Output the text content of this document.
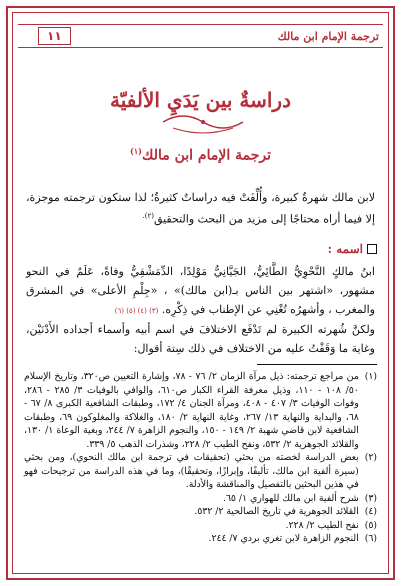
ترجمة الإمام ابن مالك
١١
دراسةٌ بين يَدَيِ الألفيّة
ترجمة الإمام ابن مالك$^{(١)}$
لابن مالك شهرةٌ كبيرة، وأُلِّفَتْ فيه دراساتٌ كثيرةٌ؛ لذا ستكون ترجمته موجزة، إلا فيما أراه محتاجًا إلى مزيد من البحث والتحقيق$^{(٢).}$
اسمه :
ابنُ مالكٍ النَّحْوِيُّ الطَّائِيُّ، الجَيَّانِيُّ مَوْلِدًا، الدِّمَشْقِيُّ وفاةً، عَلَمٌ في النحو مشهور، «اشتهر بين الناس بـ(ابن مالك)» ، «جِلْمِ الأعلى» في المشرق والمغرب ، وأشهرُه تُغْنِي عن الإطناب في ذِكْرِه. (٣) (٤) (٥) (٦)
ولكنَّ شُهرته الكبيرة لم تَدْفَع الاختلافَ في اسم أبيه وأسماء أجداده الأَدْنَيْن، وغاية ما وَقَفْتُ عليه من الاختلاف في ذلك سِتة أقوال:
(١)
من مراجع ترجمته: ذيل مرآة الزمان ٢/ ٧٦ - ٧٨، وإشارة التعيين ص٣٢٠، وتاريخ الإسلام ٥٠/ ١٠٨ - ١١٠، وذيل معرفة القراء الكبار ص٦١٠، والوافي بالوفيات ٣/ ٢٨٥ - ٢٨٦، وفوات الوفيات ٣/ ٤٠٧ - ٤٠٨، ومرآة الجنان ٤/ ١٧٢، وطبقات الشافعية الكبرى ٨/ ٦٧ - ٦٨، والبداية والنهاية ١٣/ ٢٦٧، وغاية النهاية ٢/ ١٨٠، والغلاكة والمغلوكون ٦٩، وطبقات الشافعية لابن قاضي شهبة ٢/ ١٤٩ - ١٥٠، والنجوم الزاهرة ٧/ ٢٤٤، وبغية الوعاة ١/ ١٣٠، والقلائد الجوهرية ٢/ ٥٣٢، ونفح الطيب ٢/ ٢٢٨، وشذرات الذهب ٥/ ٣٣٩.
(٢)
بعض الدراسة لخصته من بحثي (تحقيقات في ترجمة ابن مالك النحوي)، ومن بحثي (سيرة ألفية ابن مالك، تأليفًا، وإبرازًا، وتحقيقًا)، وما في هذه الدراسة من ترجيحات فهو في هذين البحثين بالتفصيل والمناقشة والأدلة.
(٣)
شرح ألفية ابن مالك للهواري ١/ ٦٥.
(٤)
القلائد الجوهرية في تاريخ الصالحية ٢/ ٥٣٢.
(٥)
نفح الطيب ٢/ ٢٢٨.
(٦)
النجوم الزاهرة لابن تغري بردي ٧/ ٢٤٤.
